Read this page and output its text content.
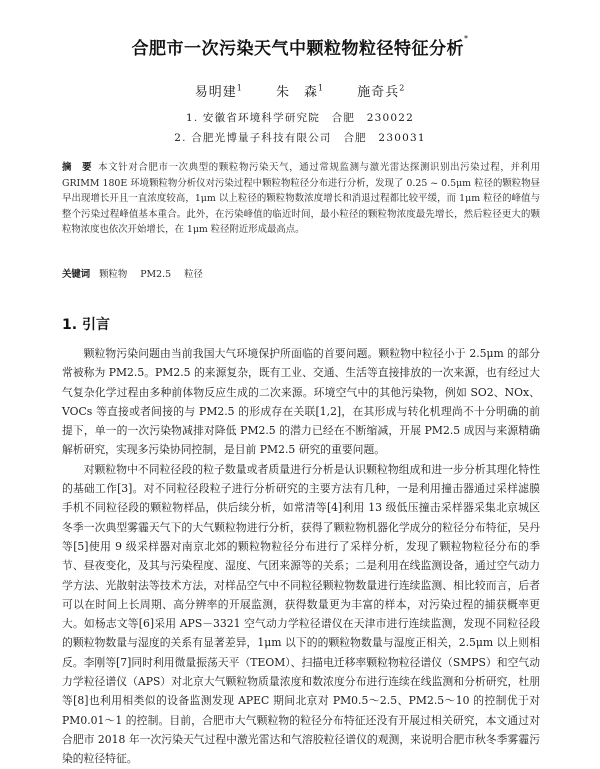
合肥市一次污染天气中颗粒物粒径特征分析*
易明建$^1$	朱　森$^1$	施奇兵$^2$
1. 安徽省环境科学研究院　合肥　230022
2. 合肥光博量子科技有限公司　合肥　230031
摘　要 本文针对合肥市一次典型的颗粒物污染天气，通过常规监测与激光雷达探测识别出污染过程，并利用GRIMM 180E 环境颗粒物分析仪对污染过程中颗粒物粒径分布进行分析，发现了 0.25 ~ 0.5μm 粒径的颗粒物昼早出现增长开且一直浓度较高，1μm 以上粒径的颗粒物数浓度增长和消退过程都比较平缓，而 1μm 粒径的峰值与整个污染过程峰值基本重合。此外，在污染峰值的临近时间，最小粒径的颗粒物浓度最先增长，然后粒径更大的颗粒物浓度也依次开始增长，在 1μm 粒径附近形成最高点。
关键词 颗粒物 PM2.5 粒径
1. 引言

颗粒物污染问题由当前我国大气环境保护所面临的首要问题。颗粒物中粒径小于 2.5μm 的部分常被称为 PM2.5。PM2.5 的来源复杂，既有工业、交通、生活等直接排放的一次来源，也有经过大气复杂化学过程由多种前体物反应生成的二次来源。环境空气中的其他污染物，例如 SO2、NOx、VOCs 等直接或者间接的与 PM2.5 的形成存在关联[1,2]，在其形成与转化机理尚不十分明确的前提下，单一的一次污染物减排对降低 PM2.5 的潜力已经在不断缩减，开展 PM2.5 成因与来源精确解析研究，实现多污染协同控制，是目前 PM2.5 研究的重要问题。

对颗粒物中不同粒径段的粒子数量或者质量进行分析是认识颗粒物组成和进一步分析其理化特性的基础工作[3]。对不同粒径段粒子进行分析研究的主要方法有几种，一是利用撞击器通过采样滤膜手机不同粒径段的颗粒物样品，供后续分析，如常清等[4]利用 13 级低压撞击采样器采集北京城区冬季一次典型雾霾天气下的大气颗粒物进行分析，获得了颗粒物机器化学成分的粒径分布特征，吴丹等[5]使用 9 级采样器对南京北郊的颗粒物粒径分布进行了采样分析，发现了颗粒物粒径分布的季节、昼夜变化，及其与污染程度、湿度、气团来源等的关系；二是利用在线监测设备，通过空气动力学方法、光散射法等技术方法，对样品空气中不同粒径颗粒物数量进行连续监测、相比较而言，后者可以在时间上长周期、高分辨率的开展监测，获得数量更为丰富的样本，对污染过程的捕获概率更大。如杨志文等[6]采用 APS－3321 空气动力学粒径谱仪在天津市进行连续监测，发现不同粒径段的颗粒物数量与湿度的关系有显著差异，1μm 以下的的颗粒物数量与湿度正相关，2.5μm 以上则相反。李刚等[7]同时利用微量振荡天平（TEOM）、扫描电迁移率颗粒物粒径谱仪（SMPS）和空气动力学粒径谱仪（APS）对北京大气颗粒物质量浓度和数浓度分布进行连续在线监测和分析研究，杜朋等[8]也利用相类似的设备监测发现 APEC 期间北京对 PM0.5～2.5、PM2.5～10 的控制优于对 PM0.01～1 的控制。目前，合肥市大气颗粒物的粒径分布特征还没有开展过相关研究，本文通过对合肥市 2018 年一次污染天气过程中激光雷达和气溶胶粒径谱仪的观测，来说明合肥市秋冬季雾霾污染的粒径特征。
